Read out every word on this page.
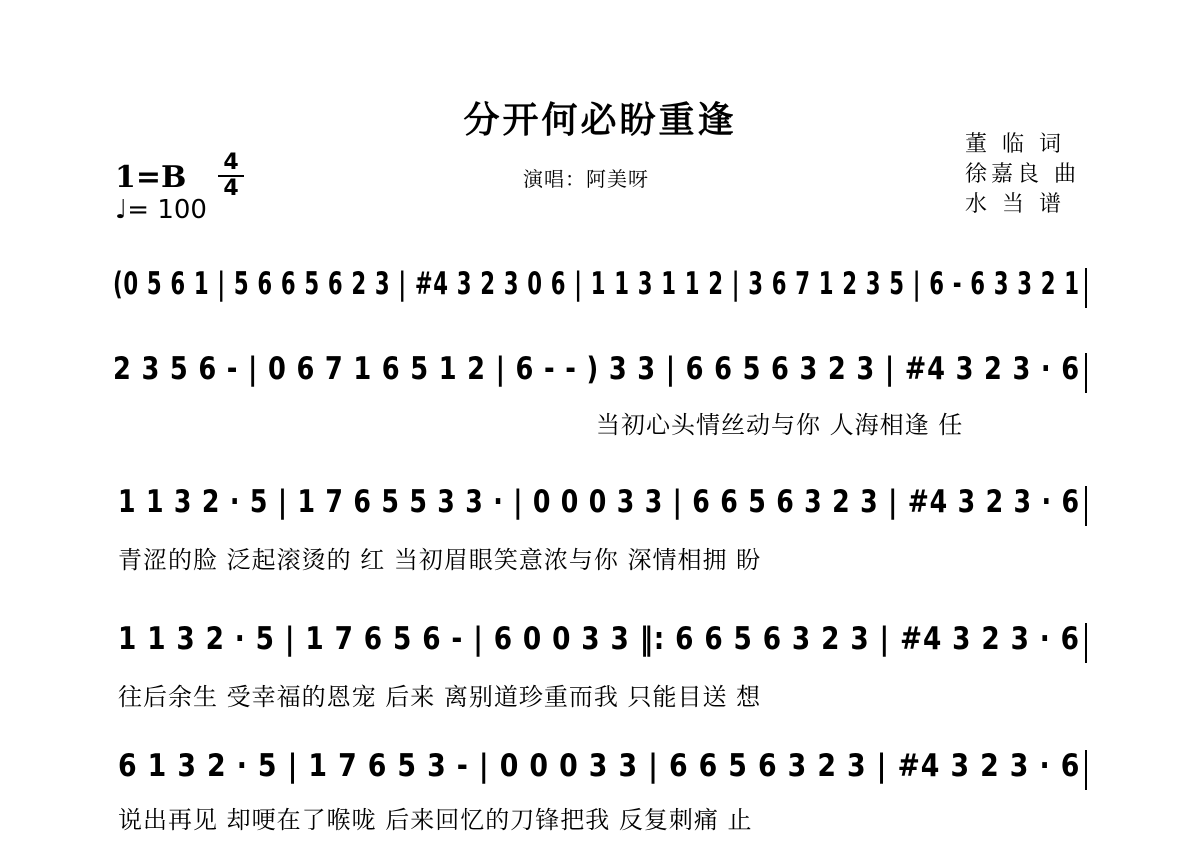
分开何必盼重逢
1=B 4
4
♩= 100
演唱：阿美呀
董 临 词
徐嘉良 曲
水 当 谱
(0 5 6 1 | 5 6 6 5 6 2 3 | #4 3 2 3 0 6 | 1 1 3 1 1 2 | 3 6 7 1 2 3 5 | 6 - 6 3 3 2 1
2 3 5 6 - | 0 6 7 1 6 5 1 2 | 6 - - ) 3 3 | 6 6 5 6 3 2 3 | #4 3 2 3 · 6
当初心头情丝动与你 人海相逢 任
1 1 3 2 · 5 | 1 7 6 5 5 3 3 · | 0 0 0 3 3 | 6 6 5 6 3 2 3 | #4 3 2 3 · 6
青涩的脸 泛起滚烫的 红 当初眉眼笑意浓与你 深情相拥 盼
1 1 3 2 · 5 | 1 7 6 5 6 - | 6 0 0 3 3 ‖: 6 6 5 6 3 2 3 | #4 3 2 3 · 6
往后余生 受幸福的恩宠 后来 离别道珍重而我 只能目送 想
6 1 3 2 · 5 | 1 7 6 5 3 - | 0 0 0 3 3 | 6 6 5 6 3 2 3 | #4 3 2 3 · 6
说出再见 却哽在了喉咙 后来回忆的刀锋把我 反复刺痛 止
